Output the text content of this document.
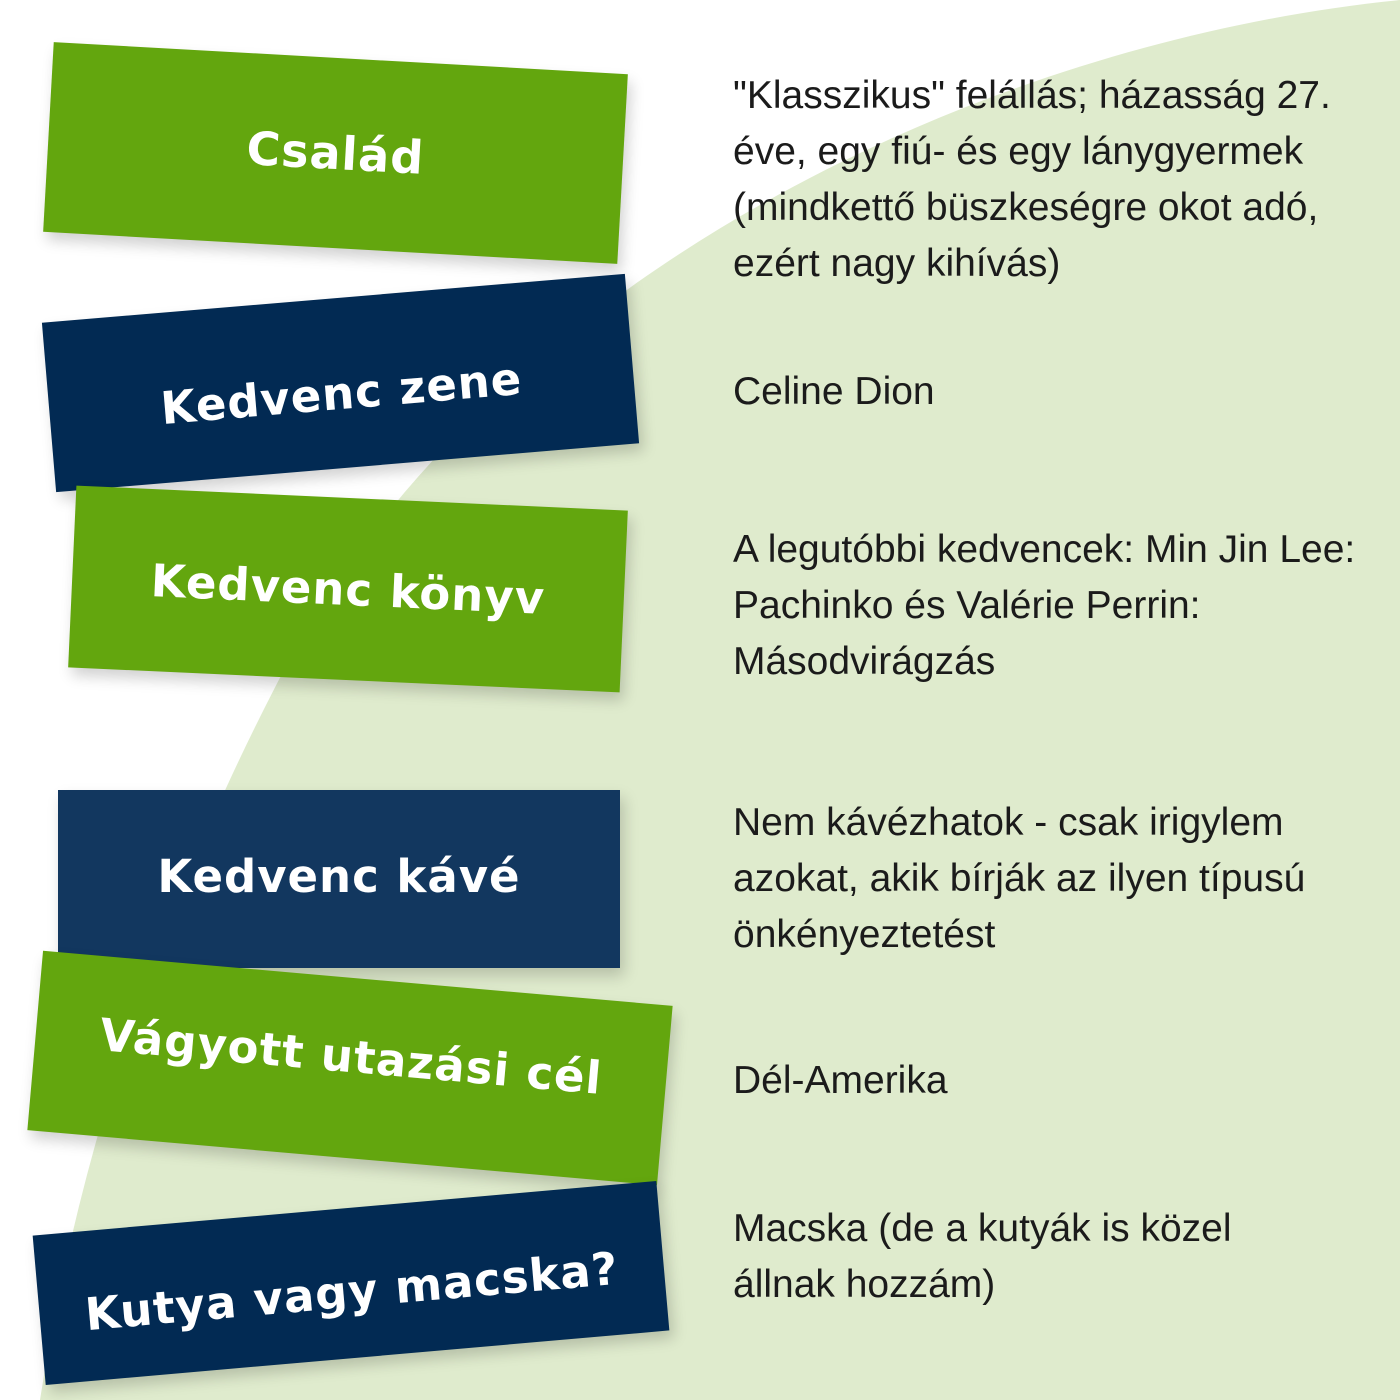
Család
Kedvenc zene
Kedvenc könyv
Kedvenc kávé
Vágyott utazási cél
Kutya vagy macska?

"Klasszikus" felállás; házasság 27. éve, egy fiú- és egy lánygyermek (mindkettő büszkeségre okot adó, ezért nagy kihívás)

Celine Dion

A legutóbbi kedvencek: Min Jin Lee: Pachinko és Valérie Perrin: Másodvirágzás

Nem kávézhatok - csak irigylem azokat, akik bírják az ilyen típusú önkényeztetést

Dél-Amerika

Macska (de a kutyák is közel állnak hozzám)
